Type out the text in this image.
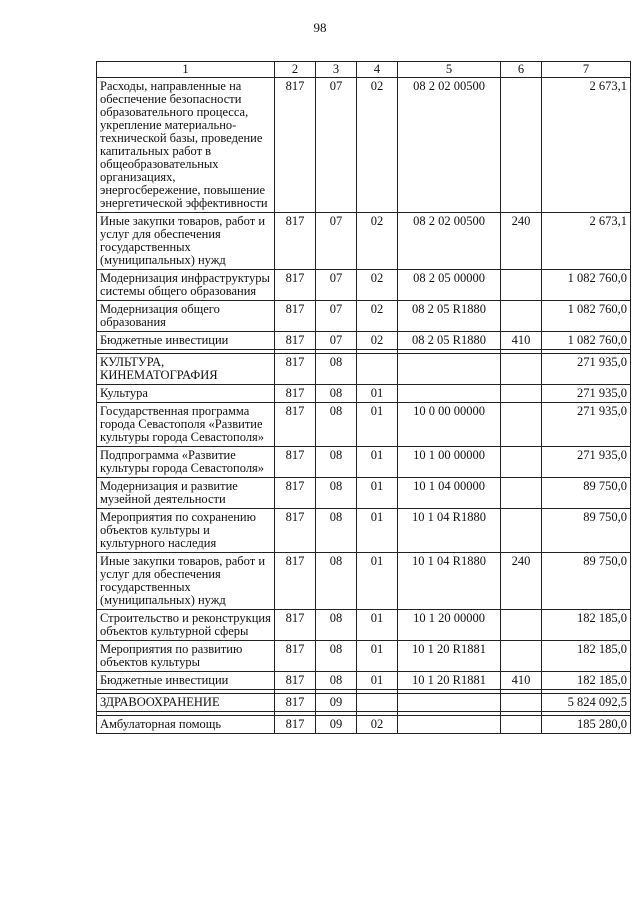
98
1	2	3	4	5	6	7
Расходы, направленные на обеспечение безопасности образовательного процесса, укрепление материально-технической базы, проведение капитальных работ в общеобразовательных организациях, энергосбережение, повышение энергетической эффективности	817	07	02	08 2 02 00500		2 673,1
Иные закупки товаров, работ и услуг для обеспечения государственных (муниципальных) нужд	817	07	02	08 2 02 00500	240	2 673,1
Модернизация инфраструктуры системы общего образования	817	07	02	08 2 05 00000		1 082 760,0
Модернизация общего образования	817	07	02	08 2 05 R1880		1 082 760,0
Бюджетные инвестиции	817	07	02	08 2 05 R1880	410	1 082 760,0

КУЛЬТУРА, КИНЕМАТОГРАФИЯ	817	08				271 935,0
Культура	817	08	01			271 935,0
Государственная программа города Севастополя «Развитие культуры города Севастополя»	817	08	01	10 0 00 00000		271 935,0
Подпрограмма «Развитие культуры города Севастополя»	817	08	01	10 1 00 00000		271 935,0
Модернизация и развитие музейной деятельности	817	08	01	10 1 04 00000		89 750,0
Мероприятия по сохранению объектов культуры и культурного наследия	817	08	01	10 1 04 R1880		89 750,0
Иные закупки товаров, работ и услуг для обеспечения государственных (муниципальных) нужд	817	08	01	10 1 04 R1880	240	89 750,0
Строительство и реконструкция объектов культурной сферы	817	08	01	10 1 20 00000		182 185,0
Мероприятия по развитию объектов культуры	817	08	01	10 1 20 R1881		182 185,0
Бюджетные инвестиции	817	08	01	10 1 20 R1881	410	182 185,0

ЗДРАВООХРАНЕНИЕ	817	09				5 824 092,5

Амбулаторная помощь	817	09	02			185 280,0
